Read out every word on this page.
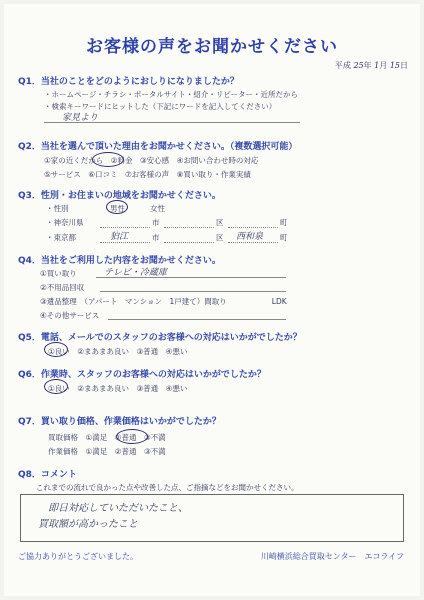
お客様の声をお聞かせください
平成 25年 1月 15日
Q1．当社のことをどのようにおしりになりましたか？
・ホームページ・チラシ・ポータルサイト・紹介・リピーター・近所だから
・検索キーワードにヒットした（下記にワードを記入してください）
家見より
Q2．当社を選んで頂いた理由をお聞かせください。（複数選択可能）
①家の近くだから　②料金　③安心感　④お問い合わせ時の対応
⑤サービス　⑥口コミ　⑦お客様の声　⑧買い取り・作業実績
Q3．性別・お住まいの地域をお聞かせください。
・性別	男性	女性
・神奈川県	市	区	町
・東京都	狛江	市	区 西和泉 町
Q4．当社をご利用した内容をお聞かせください。
①買い取り	テレビ・冷蔵庫
②不用品回収
③遺品整理　（アパート　マンション　1戸建て）間取り　　　　　　LDK
④その他サービス
Q5．電話、メールでのスタッフのお客様への対応はいかがでしたか？
①良い　②まあまあ良い　③普通　④悪い
Q6．作業時、スタッフのお客様への対応はいかがでしたか？
①良い　②まあまあ良い　③普通　④悪い
Q7．買い取り価格、作業価格はいかがでしたか？
買取価格　①満足　②普通　③不満
作業価格　①満足　②普通　③不満
Q8．コメント
これまでの流れで良かった点や改善した点、ご指摘などをお聞かせください。
即日対応していただいたこと、
買取額が高かったこと
ご協力ありがとうございました。	川崎横浜総合買取センター　エコライフ
